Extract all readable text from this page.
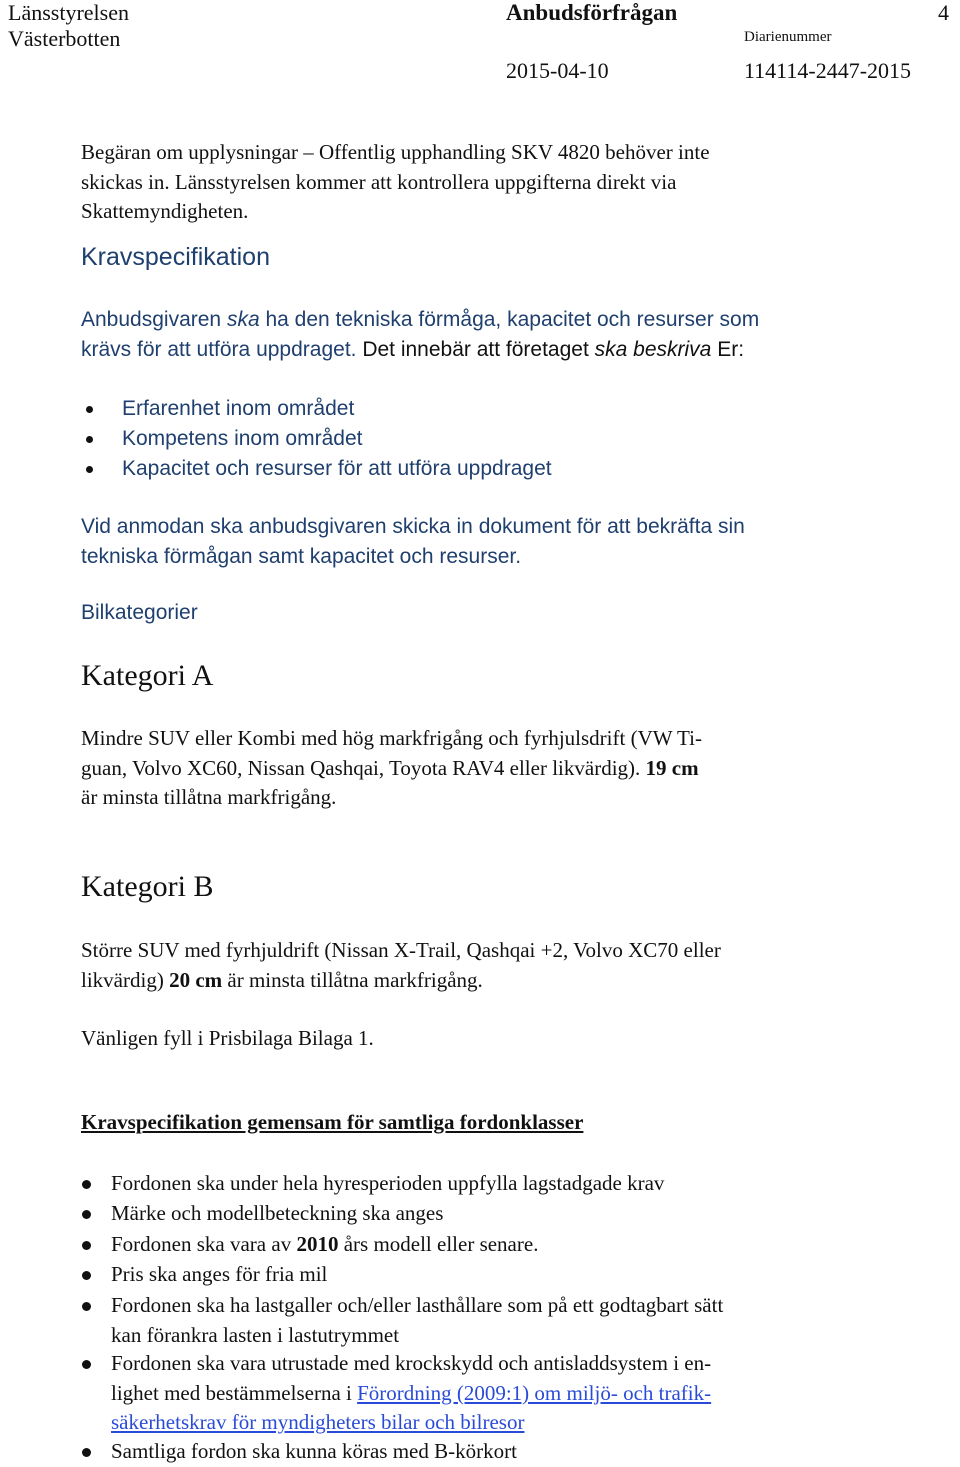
Länsstyrelsen
Västerbotten
Anbudsförfrågan	4
Diarienummer
2015-04-10	114114-2447-2015
Begäran om upplysningar – Offentlig upphandling SKV 4820 behöver inte
skickas in. Länsstyrelsen kommer att kontrollera uppgifterna direkt via
Skattemyndigheten.
Kravspecifikation
Anbudsgivaren ska ha den tekniska förmåga, kapacitet och resurser som
krävs för att utföra uppdraget. Det innebär att företaget ska beskriva Er:
Erfarenhet inom området
Kompetens inom området
Kapacitet och resurser för att utföra uppdraget
Vid anmodan ska anbudsgivaren skicka in dokument för att bekräfta sin
tekniska förmågan samt kapacitet och resurser.
Bilkategorier
Kategori A
Mindre SUV eller Kombi med hög markfrigång och fyrhjulsdrift (VW Ti-
guan, Volvo XC60, Nissan Qashqai, Toyota RAV4 eller likvärdig). 19 cm
är minsta tillåtna markfrigång.
Kategori B
Större SUV med fyrhjuldrift (Nissan X-Trail, Qashqai +2, Volvo XC70 eller
likvärdig) 20 cm är minsta tillåtna markfrigång.
Vänligen fyll i Prisbilaga Bilaga 1.
Kravspecifikation gemensam för samtliga fordonklasser
Fordonen ska under hela hyresperioden uppfylla lagstadgade krav
Märke och modellbeteckning ska anges
Fordonen ska vara av 2010 års modell eller senare.
Pris ska anges för fria mil
Fordonen ska ha lastgaller och/eller lasthållare som på ett godtagbart sätt
kan förankra lasten i lastutrymmet
Fordonen ska vara utrustade med krockskydd och antisladdsystem i en-
lighet med bestämmelserna i Förordning (2009:1) om miljö- och trafik-
säkerhetskrav för myndigheters bilar och bilresor
Samtliga fordon ska kunna köras med B-körkort
